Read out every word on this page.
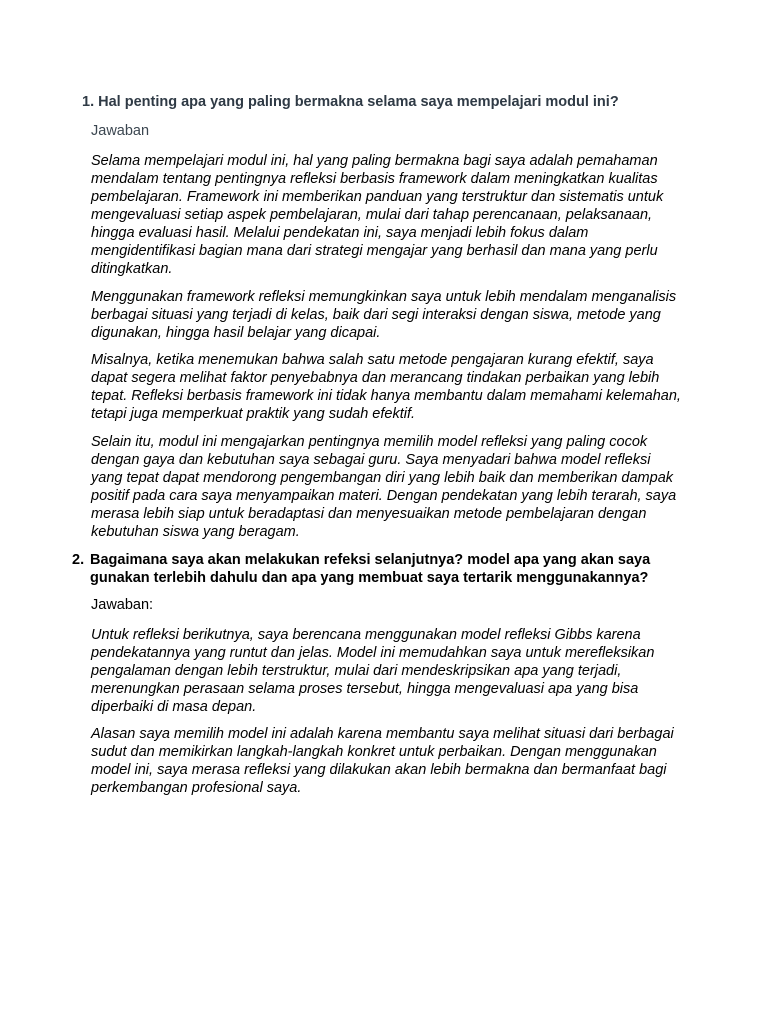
1. Hal penting apa yang paling bermakna selama saya mempelajari modul ini?
Jawaban

Selama mempelajari modul ini, hal yang paling bermakna bagi saya adalah pemahaman mendalam tentang pentingnya refleksi berbasis framework dalam meningkatkan kualitas pembelajaran. Framework ini memberikan panduan yang terstruktur dan sistematis untuk mengevaluasi setiap aspek pembelajaran, mulai dari tahap perencanaan, pelaksanaan, hingga evaluasi hasil. Melalui pendekatan ini, saya menjadi lebih fokus dalam mengidentifikasi bagian mana dari strategi mengajar yang berhasil dan mana yang perlu ditingkatkan.

Menggunakan framework refleksi memungkinkan saya untuk lebih mendalam menganalisis berbagai situasi yang terjadi di kelas, baik dari segi interaksi dengan siswa, metode yang digunakan, hingga hasil belajar yang dicapai.

Misalnya, ketika menemukan bahwa salah satu metode pengajaran kurang efektif, saya dapat segera melihat faktor penyebabnya dan merancang tindakan perbaikan yang lebih tepat. Refleksi berbasis framework ini tidak hanya membantu dalam memahami kelemahan, tetapi juga memperkuat praktik yang sudah efektif.

Selain itu, modul ini mengajarkan pentingnya memilih model refleksi yang paling cocok dengan gaya dan kebutuhan saya sebagai guru. Saya menyadari bahwa model refleksi yang tepat dapat mendorong pengembangan diri yang lebih baik dan memberikan dampak positif pada cara saya menyampaikan materi. Dengan pendekatan yang lebih terarah, saya merasa lebih siap untuk beradaptasi dan menyesuaikan metode pembelajaran dengan kebutuhan siswa yang beragam.

2. Bagaimana saya akan melakukan refeksi selanjutnya? model apa yang akan saya gunakan terlebih dahulu dan apa yang membuat saya tertarik menggunakannya?
Jawaban:

Untuk refleksi berikutnya, saya berencana menggunakan model refleksi Gibbs karena pendekatannya yang runtut dan jelas. Model ini memudahkan saya untuk merefleksikan pengalaman dengan lebih terstruktur, mulai dari mendeskripsikan apa yang terjadi, merenungkan perasaan selama proses tersebut, hingga mengevaluasi apa yang bisa diperbaiki di masa depan.

Alasan saya memilih model ini adalah karena membantu saya melihat situasi dari berbagai sudut dan memikirkan langkah-langkah konkret untuk perbaikan. Dengan menggunakan model ini, saya merasa refleksi yang dilakukan akan lebih bermakna dan bermanfaat bagi perkembangan profesional saya.
